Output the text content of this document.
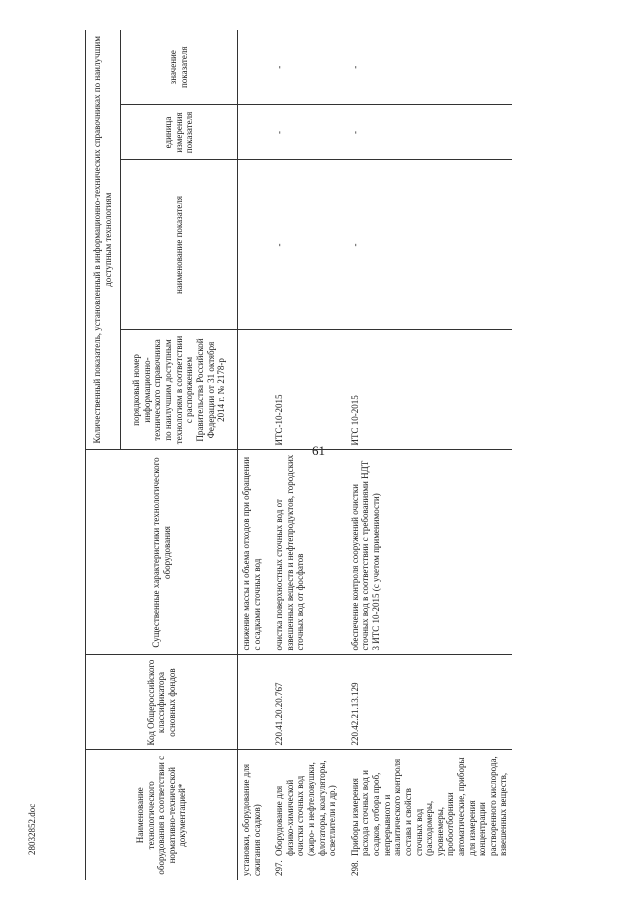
61
28032852.doc	Наименование технологического оборудования в соответствии с нормативно-технической документацией*	Код Общероссийского классификатора основных фондов	Существенные характеристики технологического оборудования	Количественный показатель, установленный в информационно-технических справочниках по наилучшим доступным технологиям			
			порядковый номер информационно-технического справочника по наилучшим доступным технологиям в соответствии с распоряжением Правительства Российской Федерации от 31 октября 2014 г. № 2178-р	наименование показателя	единица измерения показателя	значение показателя
установки, оборудование для сжигания осадков)		снижение массы и объема отходов при обращении с осадками сточных вод				

297.Оборудование для физико-химической очистки сточных вод (жиро- и нефтеловушки, флотаторы, коагуляторы, осветлители и др.)	220.41.20.20.767	очистка поверхностных сточных вод от взвешенных веществ и нефтепродуктов, городских сточных вод от фосфатов	ИТС-10-2015	-	-	-

298.Приборы измерения расхода сточных вод и осадков, отбора проб, непрерывного и аналитического контроля состава и свойств сточных вод (расходомеры, уровнемеры, пробоотборники автоматические, приборы для измерения концентрации растворенного кислорода, взвешенных веществ,	220.42.21.13.129	обеспечение контроля сооружений очистки сточных вод в соответствии с требованиями НДТ 3 ИТС 10-2015 (с учетом применимости)	ИТС 10-2015	-	-	-
